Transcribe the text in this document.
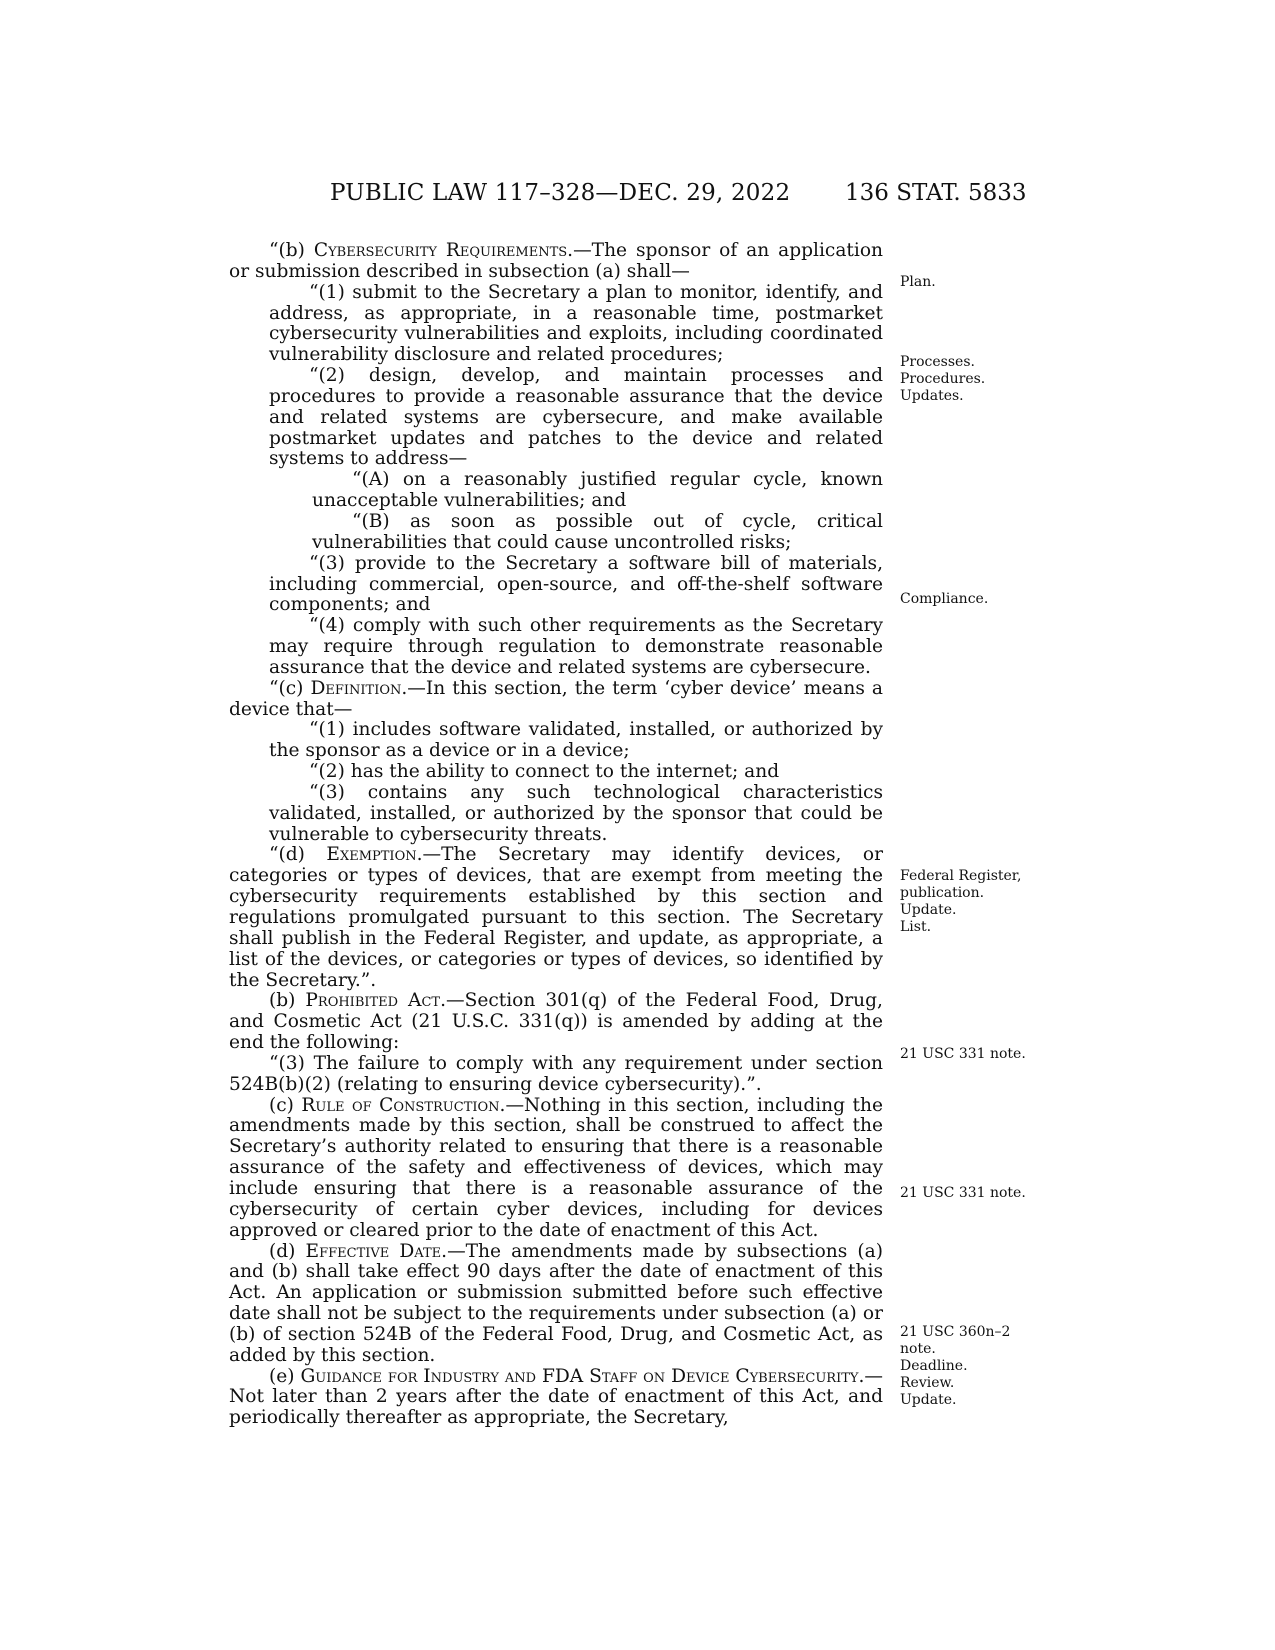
PUBLIC LAW 117–328—DEC. 29, 2022 136 STAT. 5833

“(b) Cybersecurity Requirements.—The sponsor of an application or submission described in subsection (a) shall—

“(1) submit to the Secretary a plan to monitor, identify, and address, as appropriate, in a reasonable time, postmarket cybersecurity vulnerabilities and exploits, including coordinated vulnerability disclosure and related procedures;

“(2) design, develop, and maintain processes and procedures to provide a reasonable assurance that the device and related systems are cybersecure, and make available postmarket updates and patches to the device and related systems to address—

“(A) on a reasonably justified regular cycle, known unacceptable vulnerabilities; and

“(B) as soon as possible out of cycle, critical vulnerabilities that could cause uncontrolled risks;

“(3) provide to the Secretary a software bill of materials, including commercial, open-source, and off-the-shelf software components; and

“(4) comply with such other requirements as the Secretary may require through regulation to demonstrate reasonable assurance that the device and related systems are cybersecure.

“(c) Definition.—In this section, the term ‘cyber device’ means a device that—

“(1) includes software validated, installed, or authorized by the sponsor as a device or in a device;

“(2) has the ability to connect to the internet; and

“(3) contains any such technological characteristics validated, installed, or authorized by the sponsor that could be vulnerable to cybersecurity threats.

“(d) Exemption.—The Secretary may identify devices, or categories or types of devices, that are exempt from meeting the cybersecurity requirements established by this section and regulations promulgated pursuant to this section. The Secretary shall publish in the Federal Register, and update, as appropriate, a list of the devices, or categories or types of devices, so identified by the Secretary.”.

(b) Prohibited Act.—Section 301(q) of the Federal Food, Drug, and Cosmetic Act (21 U.S.C. 331(q)) is amended by adding at the end the following:

“(3) The failure to comply with any requirement under section 524B(b)(2) (relating to ensuring device cybersecurity).”.

(c) Rule of Construction.—Nothing in this section, including the amendments made by this section, shall be construed to affect the Secretary’s authority related to ensuring that there is a reasonable assurance of the safety and effectiveness of devices, which may include ensuring that there is a reasonable assurance of the cybersecurity of certain cyber devices, including for devices approved or cleared prior to the date of enactment of this Act.

(d) Effective Date.—The amendments made by subsections (a) and (b) shall take effect 90 days after the date of enactment of this Act. An application or submission submitted before such effective date shall not be subject to the requirements under subsection (a) or (b) of section 524B of the Federal Food, Drug, and Cosmetic Act, as added by this section.

(e) Guidance for Industry and FDA Staff on Device Cybersecurity.—Not later than 2 years after the date of enactment of this Act, and periodically thereafter as appropriate, the Secretary,

Plan.
Processes.
Procedures.
Updates.
Compliance.
Federal Register,
publication.
Update.
List.
21 USC 331 note.
21 USC 331 note.
21 USC 360n–2
note.
Deadline.
Review.
Update.
